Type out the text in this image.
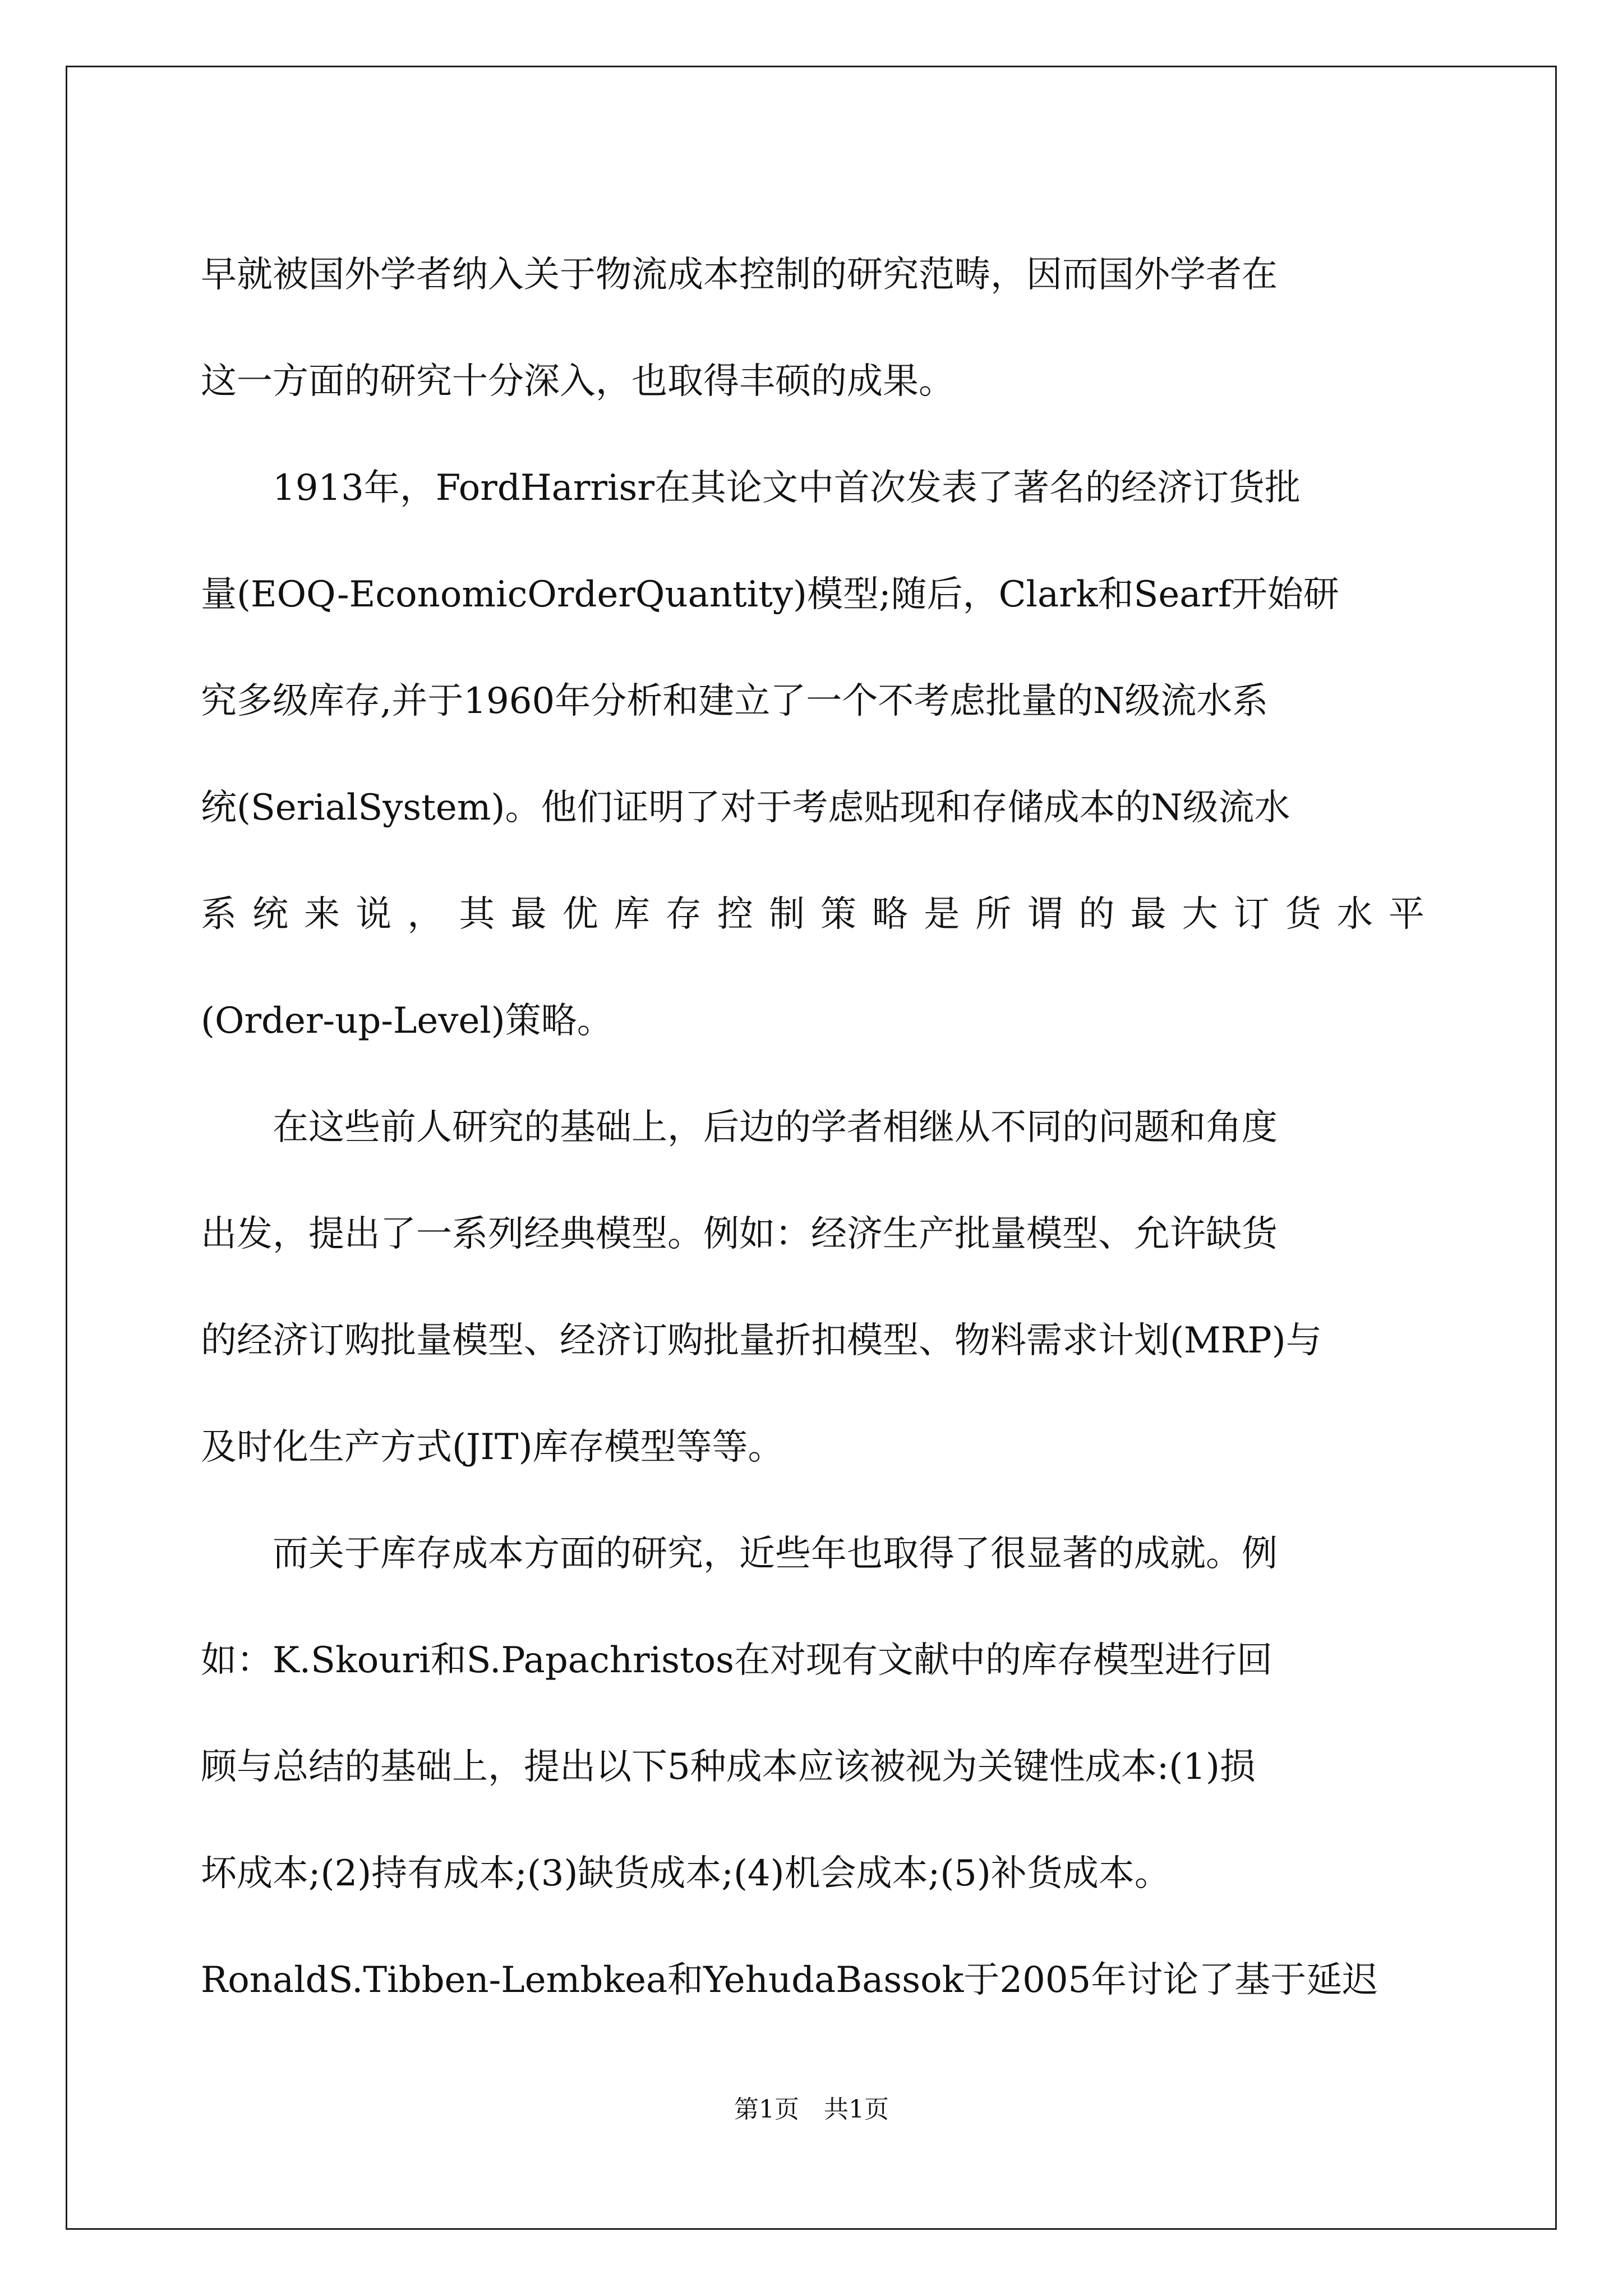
早就被国外学者纳入关于物流成本控制的研究范畴，因而国外学者在
这一方面的研究十分深入，也取得丰硕的成果。
　　1913年，FordHarrisr在其论文中首次发表了著名的经济订货批
量(EOQ-EconomicOrderQuantity)模型;随后，Clark和Searf开始研
究多级库存,并于1960年分析和建立了一个不考虑批量的N级流水系
统(SerialSystem)。他们证明了对于考虑贴现和存储成本的N级流水
系统来说，其最优库存控制策略是所谓的最大订货水平
(Order-up-Level)策略。
　　在这些前人研究的基础上，后边的学者相继从不同的问题和角度
出发，提出了一系列经典模型。例如：经济生产批量模型、允许缺货
的经济订购批量模型、经济订购批量折扣模型、物料需求计划(MRP)与
及时化生产方式(JIT)库存模型等等。
　　而关于库存成本方面的研究，近些年也取得了很显著的成就。例
如：K.Skouri和S.Papachristos在对现有文献中的库存模型进行回
顾与总结的基础上，提出以下5种成本应该被视为关键性成本:(1)损
坏成本;(2)持有成本;(3)缺货成本;(4)机会成本;(5)补货成本。
RonaldS.Tibben-Lembkea和YehudaBassok于2005年讨论了基于延迟
第1页　共1页
